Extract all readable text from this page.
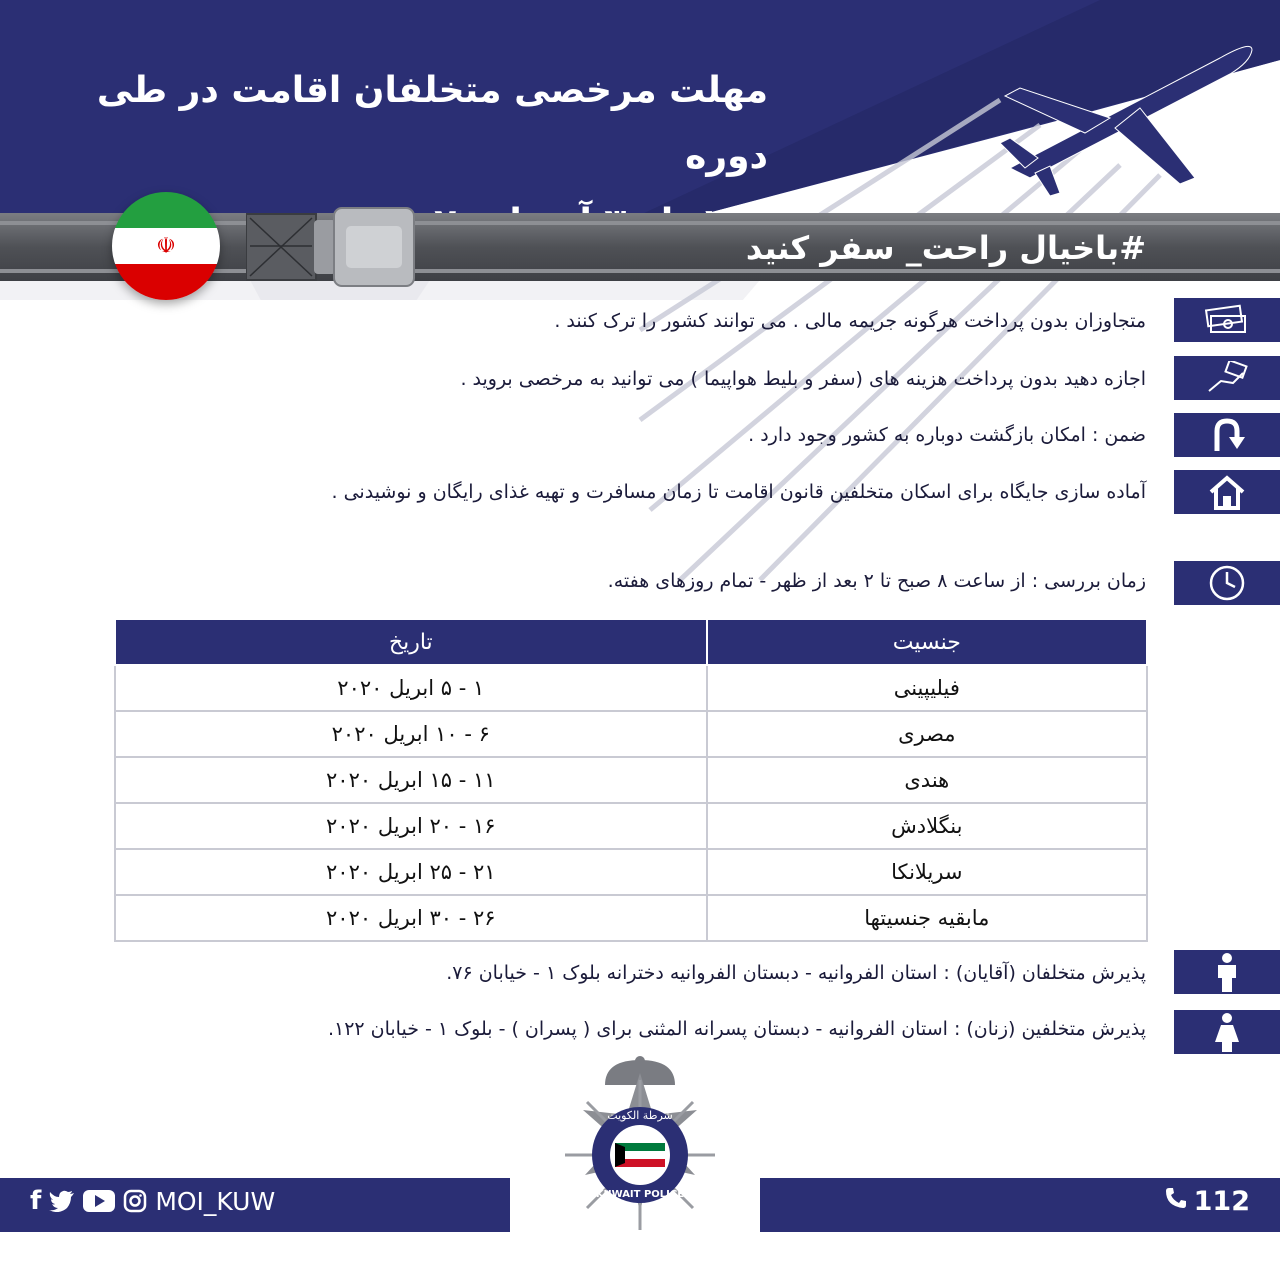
مهلت مرخصی متخلفان اقامت در طی دوره

☫	#باخیال راحت_ سفر کنید

متجاوزان بدون پرداخت هرگونه جریمه مالی . می توانند کشور را ترک کنند .

اجازه دهید بدون پرداخت هزینه های (سفر و بلیط هواپیما ) می توانید به مرخصی بروید .

ضمن : امکان بازگشت دوباره به کشور وجود دارد .

آماده سازی جایگاه برای اسکان متخلفین قانون اقامت تا زمان مسافرت و تهیه غذای رایگان و نوشیدنی .

زمان بررسی : از ساعت ۸ صبح تا ۲ بعد از ظهر - تمام روزهای هفته.

جنسیت	تاریخ
فیلیپینی	۱ - ۵ ابریل ۲۰۲۰
مصری	۶ - ۱۰ ابریل ۲۰۲۰
هندی	۱۱ - ۱۵ ابریل ۲۰۲۰
بنگلادش	۱۶ - ۲۰ ابریل ۲۰۲۰
سریلانکا	۲۱ - ۲۵ ابریل ۲۰۲۰
مابقیه جنسیتها	۲۶ - ۳۰ ابریل ۲۰۲۰

پذیرش متخلفان (آقایان) : استان الفروانیه - دبستان الفروانیه دخترانه بلوک ۱ - خیابان ۷۶.

پذیرش متخلفین (زنان) : استان الفروانیه - دبستان پسرانه المثنی برای ( پسران ) - بلوک ۱ - خیابان ۱۲۲.

f	MOI_KUW	112
شرطة الكويت
KUWAIT POLICE
